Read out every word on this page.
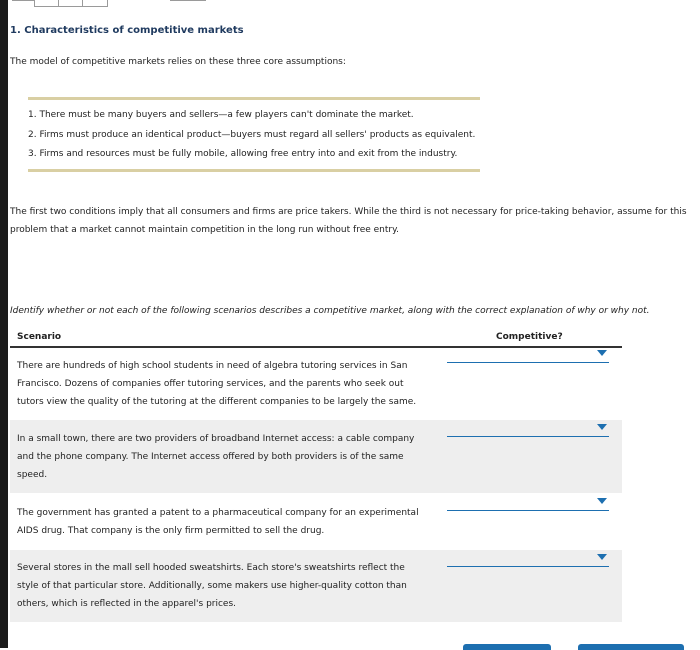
1. Characteristics of competitive markets
The model of competitive markets relies on these three core assumptions:
1. There must be many buyers and sellers—a few players can't dominate the market.
2. Firms must produce an identical product—buyers must regard all sellers' products as equivalent.
3. Firms and resources must be fully mobile, allowing free entry into and exit from the industry.
The first two conditions imply that all consumers and firms are price takers. While the third is not necessary for price-taking behavior, assume for this
problem that a market cannot maintain competition in the long run without free entry.
Identify whether or not each of the following scenarios describes a competitive market, along with the correct explanation of why or why not.
Scenario	Competitive?
There are hundreds of high school students in need of algebra tutoring services in San
Francisco. Dozens of companies offer tutoring services, and the parents who seek out
tutors view the quality of the tutoring at the different companies to be largely the same.
In a small town, there are two providers of broadband Internet access: a cable company
and the phone company. The Internet access offered by both providers is of the same
speed.
The government has granted a patent to a pharmaceutical company for an experimental
AIDS drug. That company is the only firm permitted to sell the drug.
Several stores in the mall sell hooded sweatshirts. Each store's sweatshirts reflect the
style of that particular store. Additionally, some makers use higher-quality cotton than
others, which is reflected in the apparel's prices.
